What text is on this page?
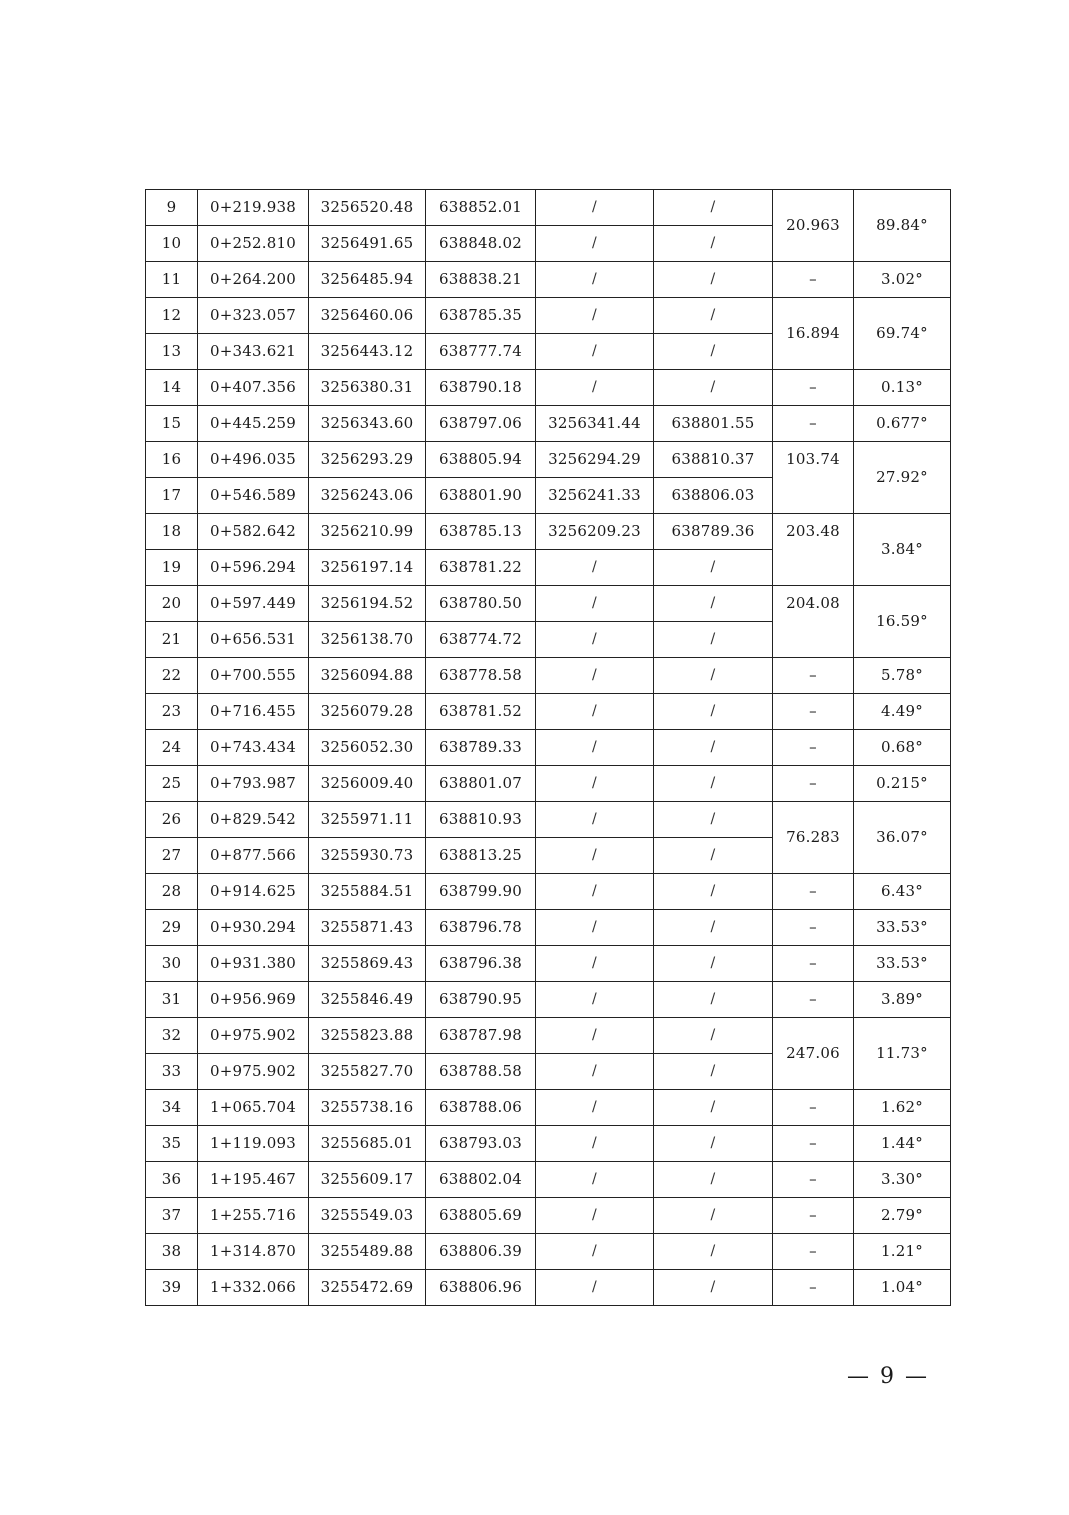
9	0+219.938	3256520.48	638852.01	/	/	20.963	89.84°
10	0+252.810	3256491.65	638848.02	/	/		
11	0+264.200	3256485.94	638838.21	/	/	–	3.02°
12	0+323.057	3256460.06	638785.35	/	/	16.894	69.74°
13	0+343.621	3256443.12	638777.74	/	/		
14	0+407.356	3256380.31	638790.18	/	/	–	0.13°
15	0+445.259	3256343.60	638797.06	3256341.44	638801.55	–	0.677°
16	0+496.035	3256293.29	638805.94	3256294.29	638810.37	103.74	27.92°
17	0+546.589	3256243.06	638801.90	3256241.33	638806.03		
18	0+582.642	3256210.99	638785.13	3256209.23	638789.36	203.48	3.84°
19	0+596.294	3256197.14	638781.22	/	/		
20	0+597.449	3256194.52	638780.50	/	/	204.08	16.59°
21	0+656.531	3256138.70	638774.72	/	/		
22	0+700.555	3256094.88	638778.58	/	/	–	5.78°
23	0+716.455	3256079.28	638781.52	/	/	–	4.49°
24	0+743.434	3256052.30	638789.33	/	/	–	0.68°
25	0+793.987	3256009.40	638801.07	/	/	–	0.215°
26	0+829.542	3255971.11	638810.93	/	/	76.283	36.07°
27	0+877.566	3255930.73	638813.25	/	/		
28	0+914.625	3255884.51	638799.90	/	/	–	6.43°
29	0+930.294	3255871.43	638796.78	/	/	–	33.53°
30	0+931.380	3255869.43	638796.38	/	/	–	33.53°
31	0+956.969	3255846.49	638790.95	/	/	–	3.89°
32	0+975.902	3255823.88	638787.98	/	/	247.06	11.73°
33	0+975.902	3255827.70	638788.58	/	/		
34	1+065.704	3255738.16	638788.06	/	/	–	1.62°
35	1+119.093	3255685.01	638793.03	/	/	–	1.44°
36	1+195.467	3255609.17	638802.04	/	/	–	3.30°
37	1+255.716	3255549.03	638805.69	/	/	–	2.79°
38	1+314.870	3255489.88	638806.39	/	/	–	1.21°
39	1+332.066	3255472.69	638806.96	/	/	–	1.04°
— 9 —
